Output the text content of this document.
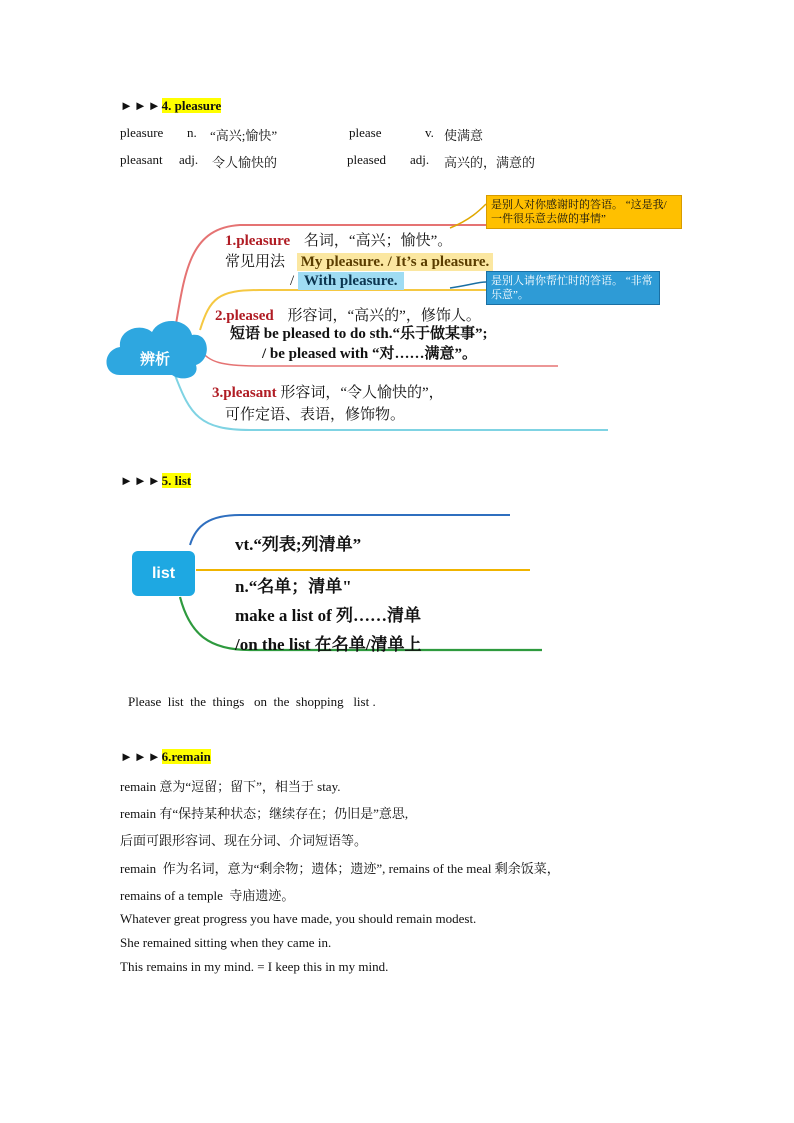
►►►4. pleasure
pleasure n. “高兴;愉快”	please	v. 使满意
pleasant adj. 令人愉快的	pleased adj. 高兴的，满意的
辨析
1.pleasure 名词，“高兴；愉快”。
常见用法 My pleasure. / It’s a pleasure.
/ With pleasure.
是别人对你感谢时的答语。 “这是我/一件很乐意去做的事情”
是别人请你帮忙时的答语。 “非常乐意”。
2.pleased 形容词，“高兴的”，修饰人。
短语 be pleased to do sth.“乐于做某事”;
/ be pleased with “对……满意”。
3.pleasant 形容词，“令人愉快的”，
可作定语、表语，修饰物。
►►►5. list
list
vt.“列表;列清单”
n.“名单；清单"
make a list of 列……清单
/on the list 在名单/清单上
Please  list  the  things   on  the  shopping   list .
►►►6.remain
remain 意为“逗留；留下”，相当于 stay.
remain 有“保持某种状态；继续存在；仍旧是”意思,
后面可跟形容词、现在分词、介词短语等。
remain  作为名词，意为“剩余物；遗体；遗迹”, remains of the meal 剩余饭菜，
remains of a temple  寺庙遗迹。
Whatever great progress you have made, you should remain modest.
She remained sitting when they came in.
This remains in my mind. = I keep this in my mind.
